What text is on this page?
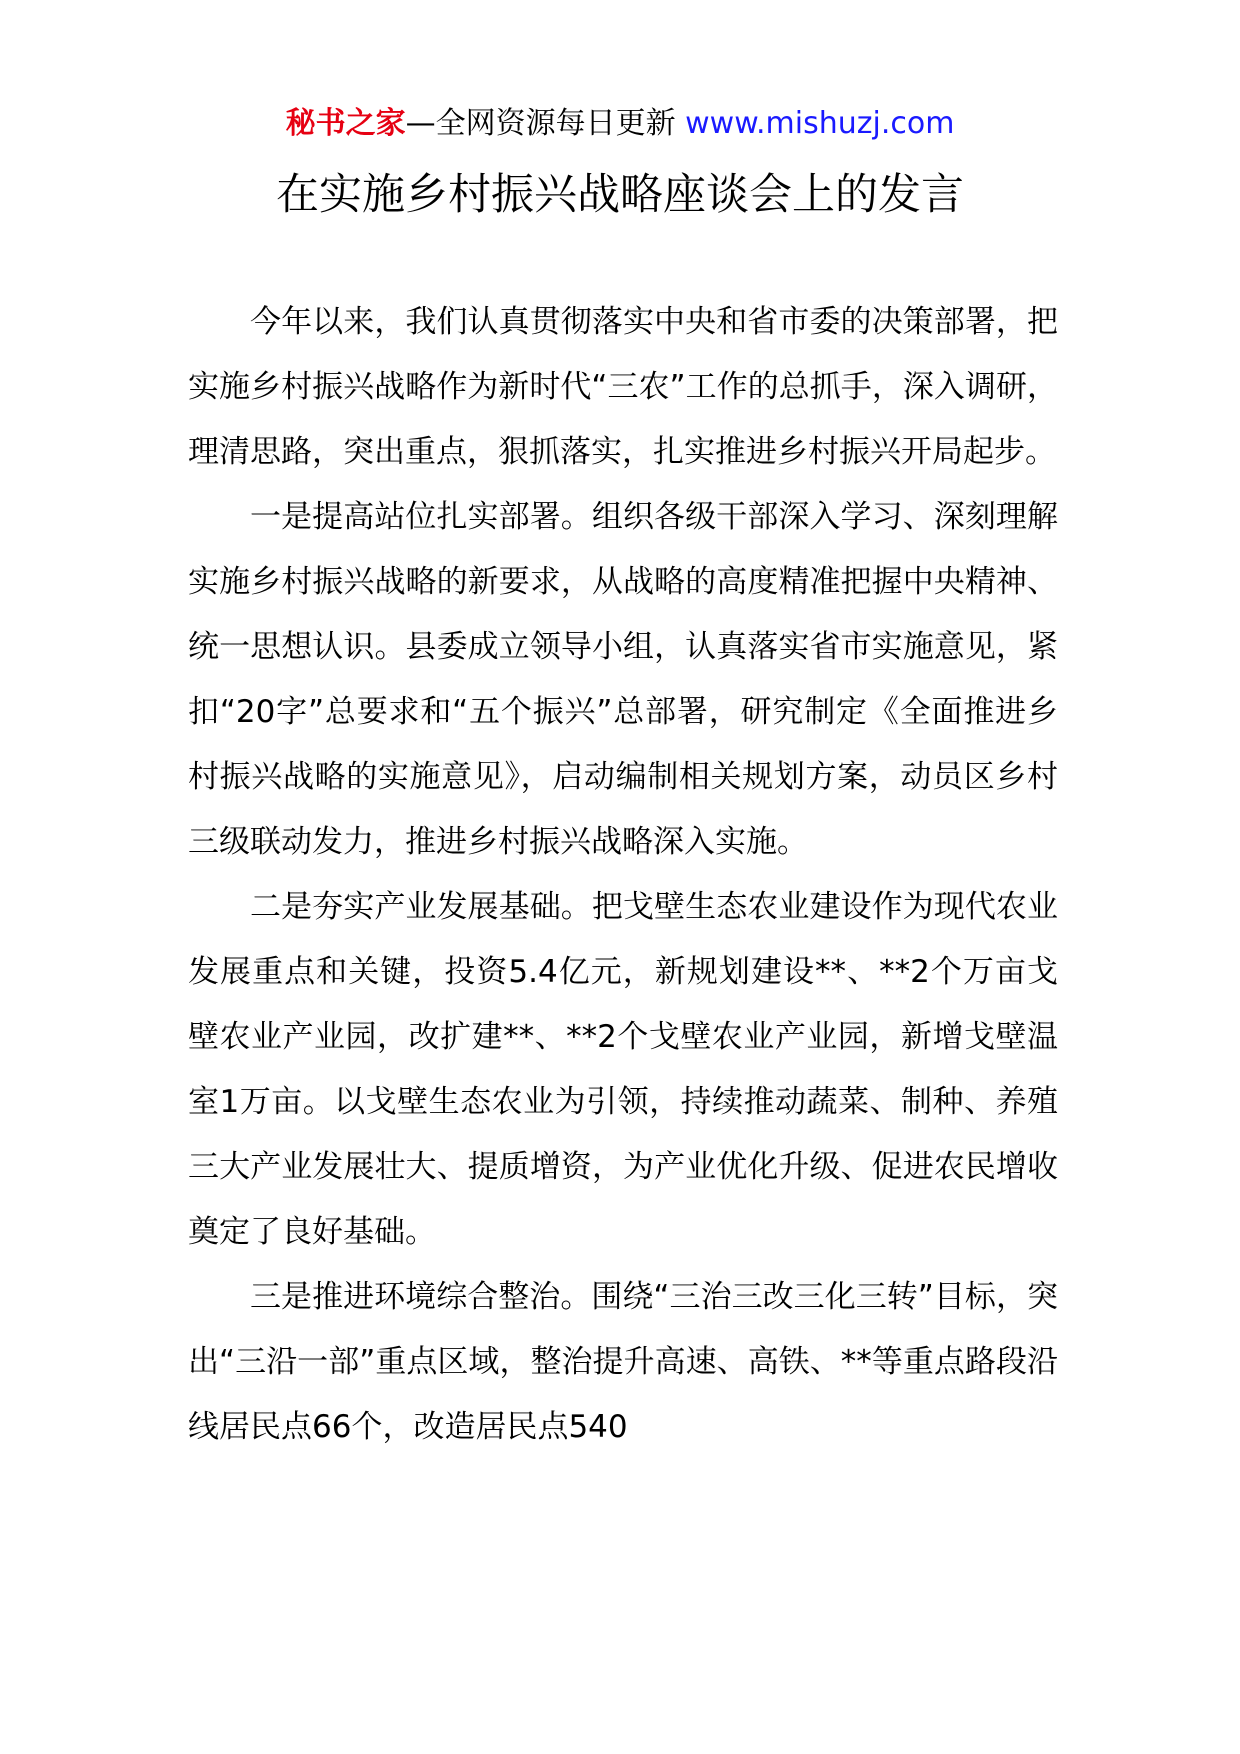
秘书之家—全网资源每日更新 www.mishuzj.com
在实施乡村振兴战略座谈会上的发言

今年以来，我们认真贯彻落实中央和省市委的决策部署，把实施乡村振兴战略作为新时代“三农”工作的总抓手，深入调研，理清思路，突出重点，狠抓落实，扎实推进乡村振兴开局起步。

一是提高站位扎实部署。组织各级干部深入学习、深刻理解实施乡村振兴战略的新要求，从战略的高度精准把握中央精神、统一思想认识。县委成立领导小组，认真落实省市实施意见，紧扣“20字”总要求和“五个振兴”总部署，研究制定《全面推进乡村振兴战略的实施意见》，启动编制相关规划方案，动员区乡村三级联动发力，推进乡村振兴战略深入实施。

二是夯实产业发展基础。把戈壁生态农业建设作为现代农业发展重点和关键，投资5.4亿元，新规划建设**、**2个万亩戈壁农业产业园，改扩建**、**2个戈壁农业产业园，新增戈壁温室1万亩。以戈壁生态农业为引领，持续推动蔬菜、制种、养殖三大产业发展壮大、提质增资，为产业优化升级、促进农民增收奠定了良好基础。

三是推进环境综合整治。围绕“三治三改三化三转”目标，突出“三沿一部”重点区域，整治提升高速、高铁、**等重点路段沿线居民点66个，改造居民点540
